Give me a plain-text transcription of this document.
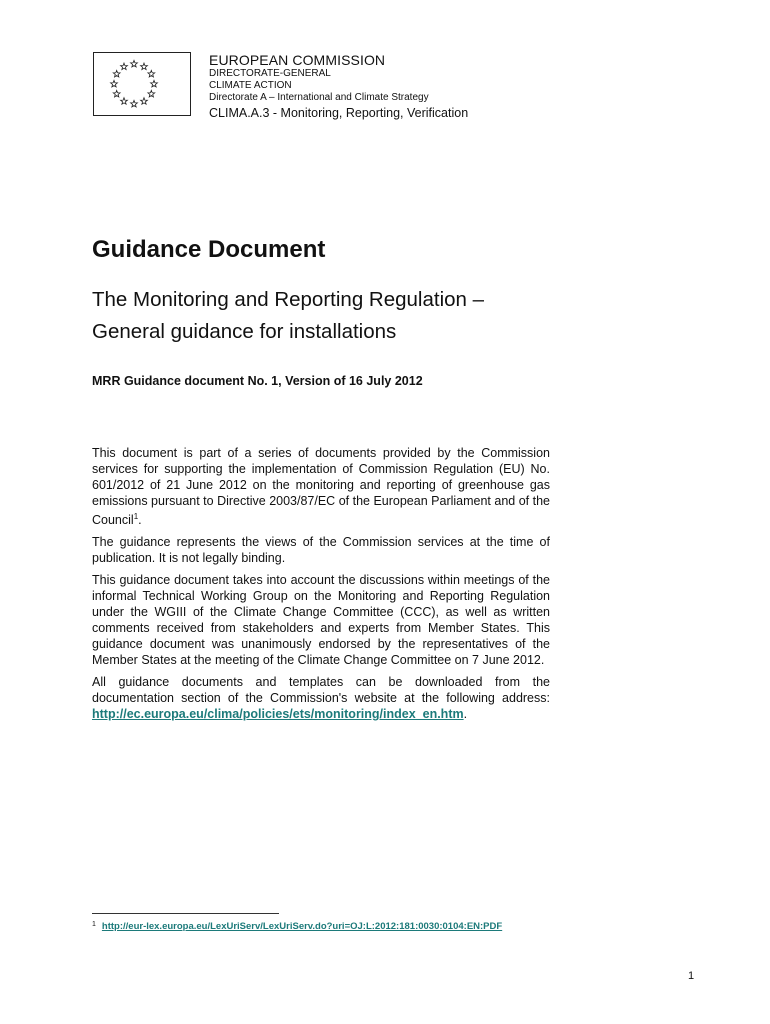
EUROPEAN COMMISSION
DIRECTORATE-GENERAL
CLIMATE ACTION
Directorate A – International and Climate Strategy
CLIMA.A.3 - Monitoring, Reporting, Verification
Guidance Document
The Monitoring and Reporting Regulation –
General guidance for installations

MRR Guidance document No. 1, Version of 16 July 2012

This document is part of a series of documents provided by the Commission services for supporting the implementation of Commission Regulation (EU) No. 601/2012 of 21 June 2012 on the monitoring and reporting of greenhouse gas emissions pursuant to Directive 2003/87/EC of the European Parliament and of the Council$^1$.

The guidance represents the views of the Commission services at the time of publication. It is not legally binding.

This guidance document takes into account the discussions within meetings of the informal Technical Working Group on the Monitoring and Reporting Regulation under the WGIII of the Climate Change Committee (CCC), as well as written comments received from stakeholders and experts from Member States. This guidance document was unanimously endorsed by the representatives of the Member States at the meeting of the Climate Change Committee on 7 June 2012.

All guidance documents and templates can be downloaded from the documentation section of the Commission's website at the following address: http://ec.europa.eu/clima/policies/ets/monitoring/index_en.htm.

$^1$ http://eur-lex.europa.eu/LexUriServ/LexUriServ.do?uri=OJ:L:2012:181:0030:0104:EN:PDF
1
